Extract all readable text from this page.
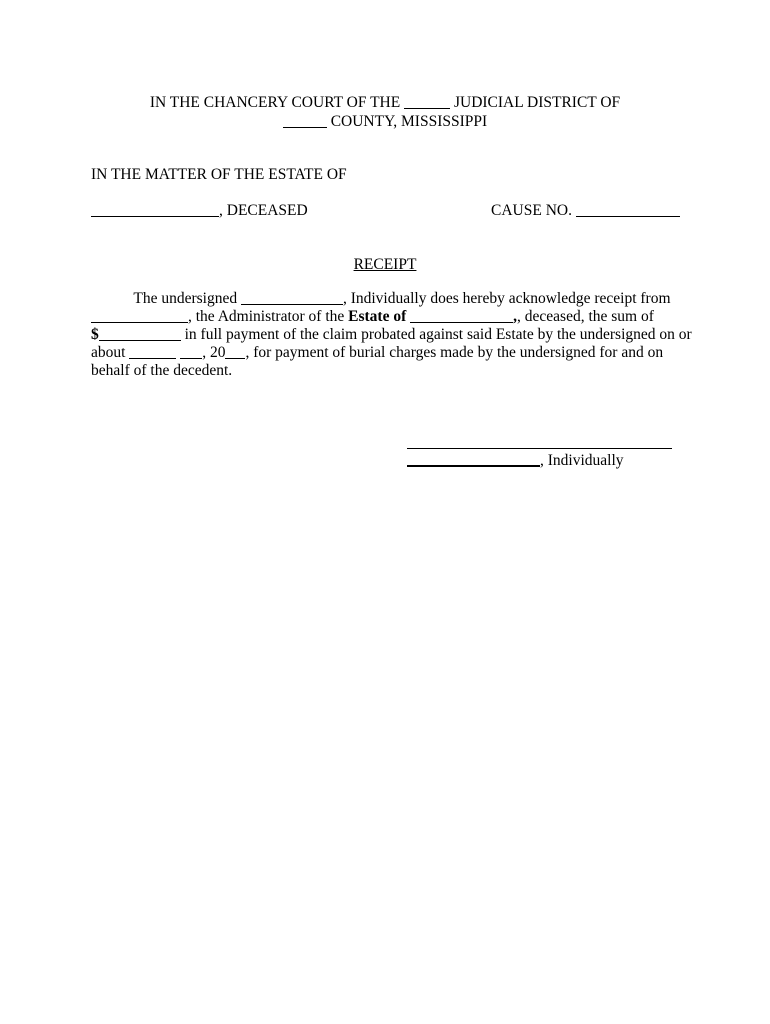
IN THE CHANCERY COURT OF THE	JUDICIAL DISTRICT OF
COUNTY, MISSISSIPPI
IN THE MATTER OF THE ESTATE OF
, DECEASED	CAUSE NO.
RECEIPT
The undersigned	, Individually does hereby acknowledge receipt from
, the Administrator of the Estate of	,, deceased, the sum of
$	in full payment of the claim probated against said Estate by the undersigned on or
about	, 20 , for payment of burial charges made by the undersigned for and on
behalf of the decedent.
, Individually
